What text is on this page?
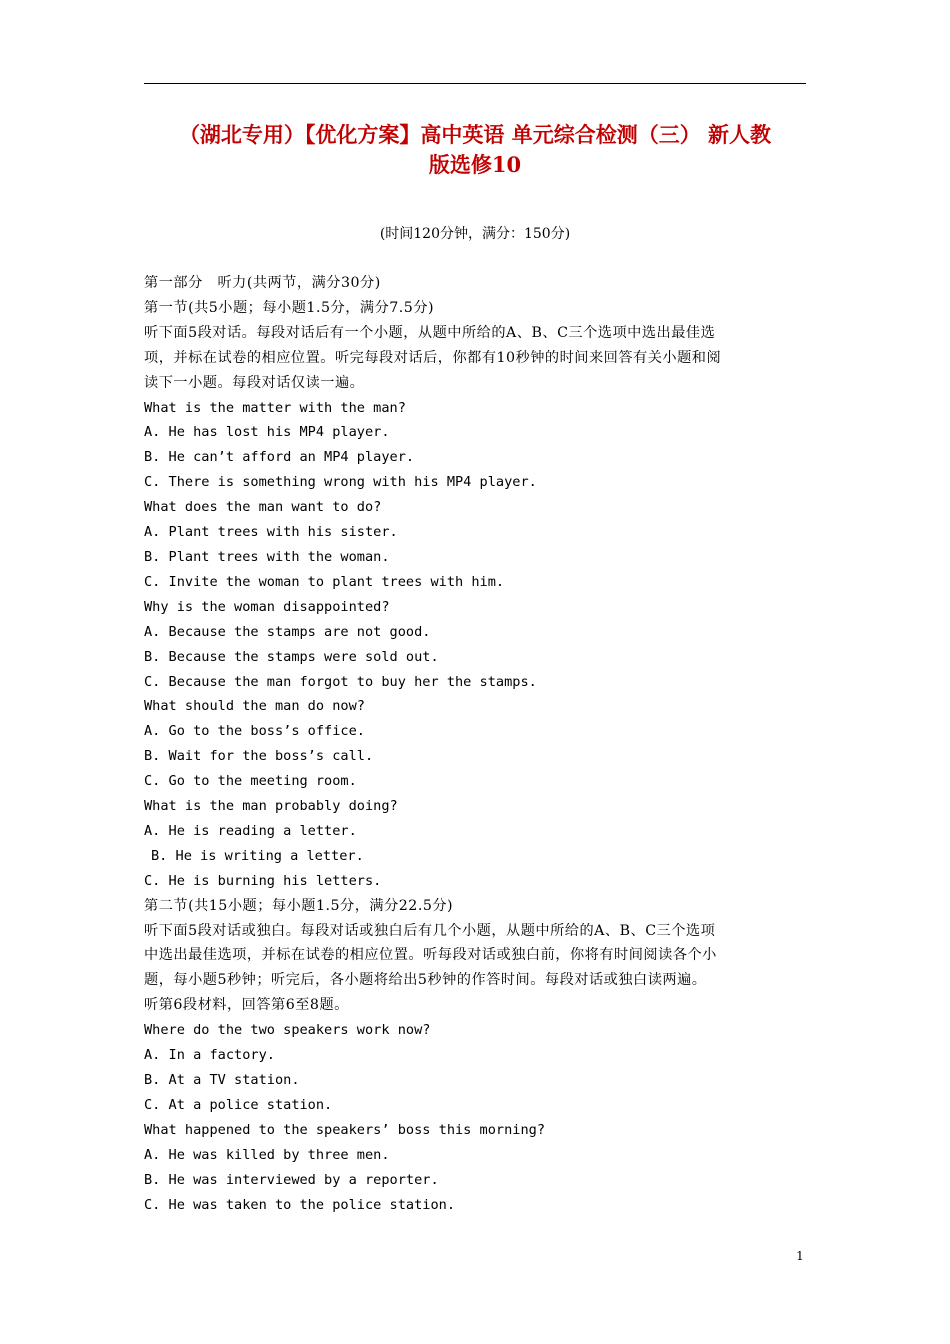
（湖北专用）【优化方案】高中英语 单元综合检测（三） 新人教
版选修10
(时间120分钟，满分：150分)
第一部分　听力(共两节，满分30分)
第一节(共5小题；每小题1.5分，满分7.5分)
听下面5段对话。每段对话后有一个小题，从题中所给的A、B、C三个选项中选出最佳选
项，并标在试卷的相应位置。听完每段对话后，你都有10秒钟的时间来回答有关小题和阅
读下一小题。每段对话仅读一遍。
What is the matter with the man?
A. He has lost his MP4 player.
B. He can’t afford an MP4 player.
C. There is something wrong with his MP4 player.
What does the man want to do?
A. Plant trees with his sister.
B. Plant trees with the woman.
C. Invite the woman to plant trees with him.
Why is the woman disappointed?
A. Because the stamps are not good.
B. Because the stamps were sold out.
C. Because the man forgot to buy her the stamps.
What should the man do now?
A. Go to the boss’s office.
B. Wait for the boss’s call.
C. Go to the meeting room.
What is the man probably doing?
A. He is reading a letter.
B. He is writing a letter.
C. He is burning his letters.
第二节(共15小题；每小题1.5分，满分22.5分)
听下面5段对话或独白。每段对话或独白后有几个小题，从题中所给的A、B、C三个选项
中选出最佳选项，并标在试卷的相应位置。听每段对话或独白前，你将有时间阅读各个小
题，每小题5秒钟；听完后，各小题将给出5秒钟的作答时间。每段对话或独白读两遍。
听第6段材料，回答第6至8题。
Where do the two speakers work now?
A. In a factory.
B. At a TV station.
C. At a police station.
What happened to the speakers’ boss this morning?
A. He was killed by three men.
B. He was interviewed by a reporter.
C. He was taken to the police station.
1
